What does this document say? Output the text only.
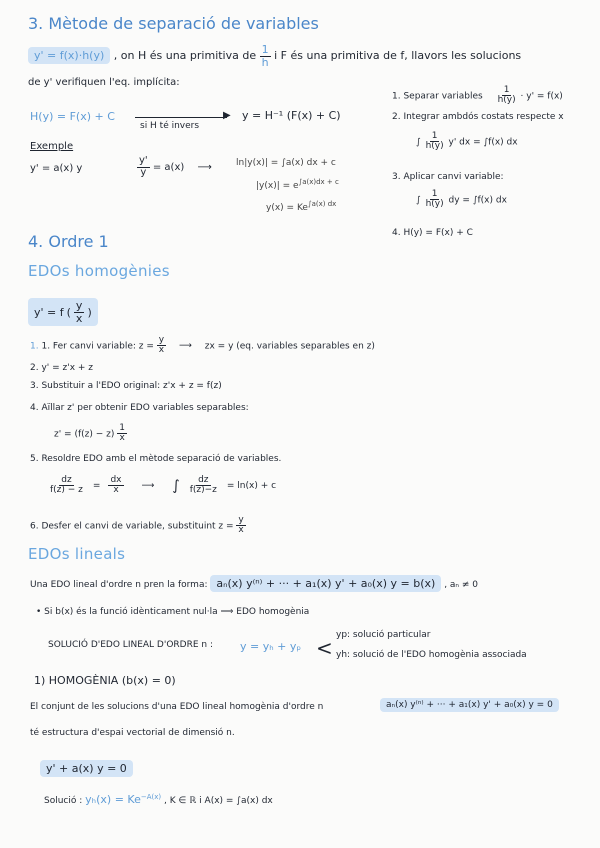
3. Mètode de separació de variables
y' = f(x)·h(y) , on H és una primitiva de $\frac{1}{h}$ i F és una primitiva de f, llavors les solucions
de y' verifiquen l'eq. implícita:
H(y) = F(x) + C	▶
si H té invers
y = H⁻¹ (F(x) + C)
Exemple
y' = a(x) y	$\frac{y'}{y} = a(x)$ ⟶	ln|y(x)| = ∫a(x) dx + c
$|y(x)| = e^{\int a(x)dx + c}$
$y(x) = Ke^{\int a(x) dx}$
1. Separar variables $\frac{1}{h(y)} \cdot y' = f(x)$
2. Integrar ambdós costats respecte x
∫ $\frac{1}{h(y)} y'$ dx = ∫f(x) dx
3. Aplicar canvi variable:
∫ $\frac{1}{h(y)}$ dy = ∫f(x) dx
4. H(y) = F(x) + C
4. Ordre 1
EDOs homogènies
y' = f ( $\frac{y}{x}$ )
1. 1. Fer canvi variable: $z = \frac{y}{x}$ ⟶ zx = y (eq. variables separables en z)
2. y' = z'x + z
3. Substituir a l'EDO original: z'x + z = f(z)
4. Aïllar z' per obtenir EDO variables separables:
$z' = (f(z) - z) \frac{1}{x}$
5. Resoldre EDO amb el mètode separació de variables.
$\frac{dz}{f(z) - z} = \frac{dx}{x}$ ⟶ ∫ $\frac{dz}{f(z)-z} = \ln(x) + c$
6. Desfer el canvi de variable, substituint $z = \frac{y}{x}$
EDOs lineals
Una EDO lineal d'ordre n pren la forma: aₙ(x) y⁽ⁿ⁾ + ··· + a₁(x) y' + a₀(x) y = b(x) , aₙ ≠ 0
• Si b(x) és la funció idènticament nul·la ⟹ EDO homogènia
SOLUCIÓ D'EDO LINEAL D'ORDRE n : y = yₕ + yₚ <
yp: solució particular
yh: solució de l'EDO homogènia associada
1) HOMOGÈNIA (b(x) = 0)
El conjunt de les solucions d'una EDO lineal homogènia d'ordre n	aₙ(x) y⁽ⁿ⁾ + ··· + a₁(x) y' + a₀(x) y = 0
té estructura d'espai vectorial de dimensió n.
y' + a(x) y = 0
Solució : $y_h(x) = Ke^{-A(x)}$ , K ∈ ℝ i A(x) = ∫a(x) dx
